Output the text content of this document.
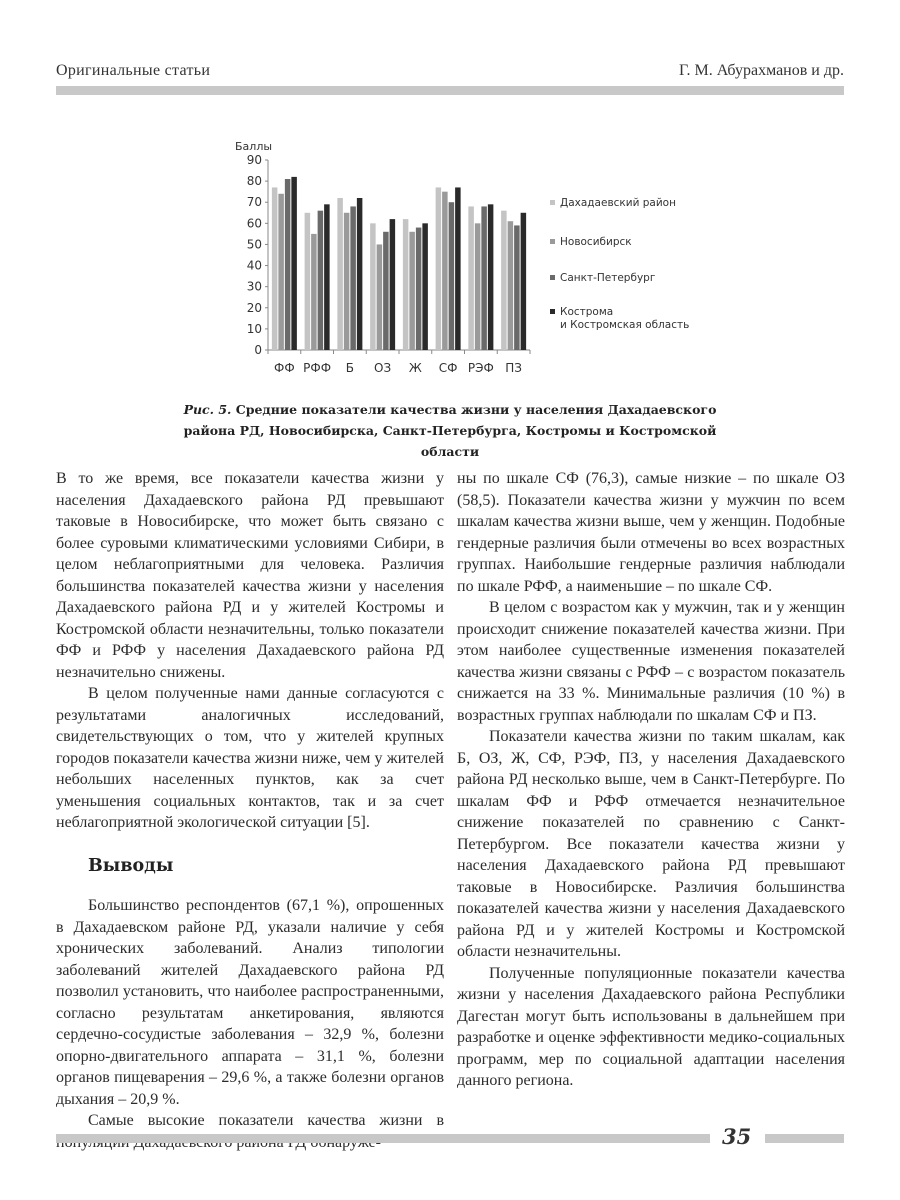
Оригинальные статьи	Г. М. Абурахманов и др.
Баллы
0
10
20
30
40
50
60
70
80
90
ФФ РФФ Б ОЗ Ж СФ РЭФ ПЗ
Дахадаевский район
Новосибирск
Санкт-Петербург
Кострома
и Костромская область
Рис. 5. Средние показатели качества жизни у населения Дахадаевского района РД, Новосибирска, Санкт-Петербурга, Костромы и Костромской области

В то же время, все показатели качества жизни у населения Дахадаевского района РД превышают таковые в Новосибирске, что может быть связано с более суровыми климатическими условиями Сибири, в целом неблагоприятными для человека. Различия большинства показателей качества жизни у населения Дахадаевского района РД и у жителей Костромы и Костромской области незначительны, только показатели ФФ и РФФ у населения Дахадаевского района РД незначительно снижены.

В целом полученные нами данные согласуются с результатами аналогичных исследований, свидетельствующих о том, что у жителей крупных городов показатели качества жизни ниже, чем у жителей небольших населенных пунктов, как за счет уменьшения социальных контактов, так и за счет неблагоприятной экологической ситуации [5].

Выводы

Большинство респондентов (67,1 %), опрошенных в Дахадаевском районе РД, указали наличие у себя хронических заболеваний. Анализ типологии заболеваний жителей Дахадаевского района РД позволил установить, что наиболее распространенными, согласно результатам анкетирования, являются сердечно-сосудистые заболевания – 32,9 %, болезни опорно-двигательного аппарата – 31,1 %, болезни органов пищеварения – 29,6 %, а также болезни органов дыхания – 20,9 %.

Самые высокие показатели качества жизни в

ны по шкале СФ (76,3), самые низкие – по шкале ОЗ (58,5). Показатели качества жизни у мужчин по всем шкалам качества жизни выше, чем у женщин. Подобные гендерные различия были отмечены во всех возрастных группах. Наибольшие гендерные различия наблюдали по шкале РФФ, а наименьшие – по шкале СФ.

В целом с возрастом как у мужчин, так и у женщин происходит снижение показателей качества жизни. При этом наиболее существенные изменения показателей качества жизни связаны с РФФ – с возрастом показатель снижается на 33 %. Минимальные различия (10 %) в возрастных группах наблюдали по шкалам СФ и ПЗ.

Показатели качества жизни по таким шкалам, как Б, ОЗ, Ж, СФ, РЭФ, ПЗ, у населения Дахадаевского района РД несколько выше, чем в Санкт-Петербурге. По шкалам ФФ и РФФ отмечается незначительное снижение показателей по сравнению с Санкт-Петербургом. Все показатели качества жизни у населения Дахадаевского района РД превышают таковые в Новосибирске. Различия большинства показателей качества жизни у населения Дахадаевского района РД и у жителей Костромы и Костромской области незначительны.

Полученные популяционные показатели качества жизни у населения Дахадаевского района Республики Дагестан могут быть использованы в дальнейшем при разработке и оценке эффективности медико-социальных программ, мер по социальной адаптации населения данного региона.

35
